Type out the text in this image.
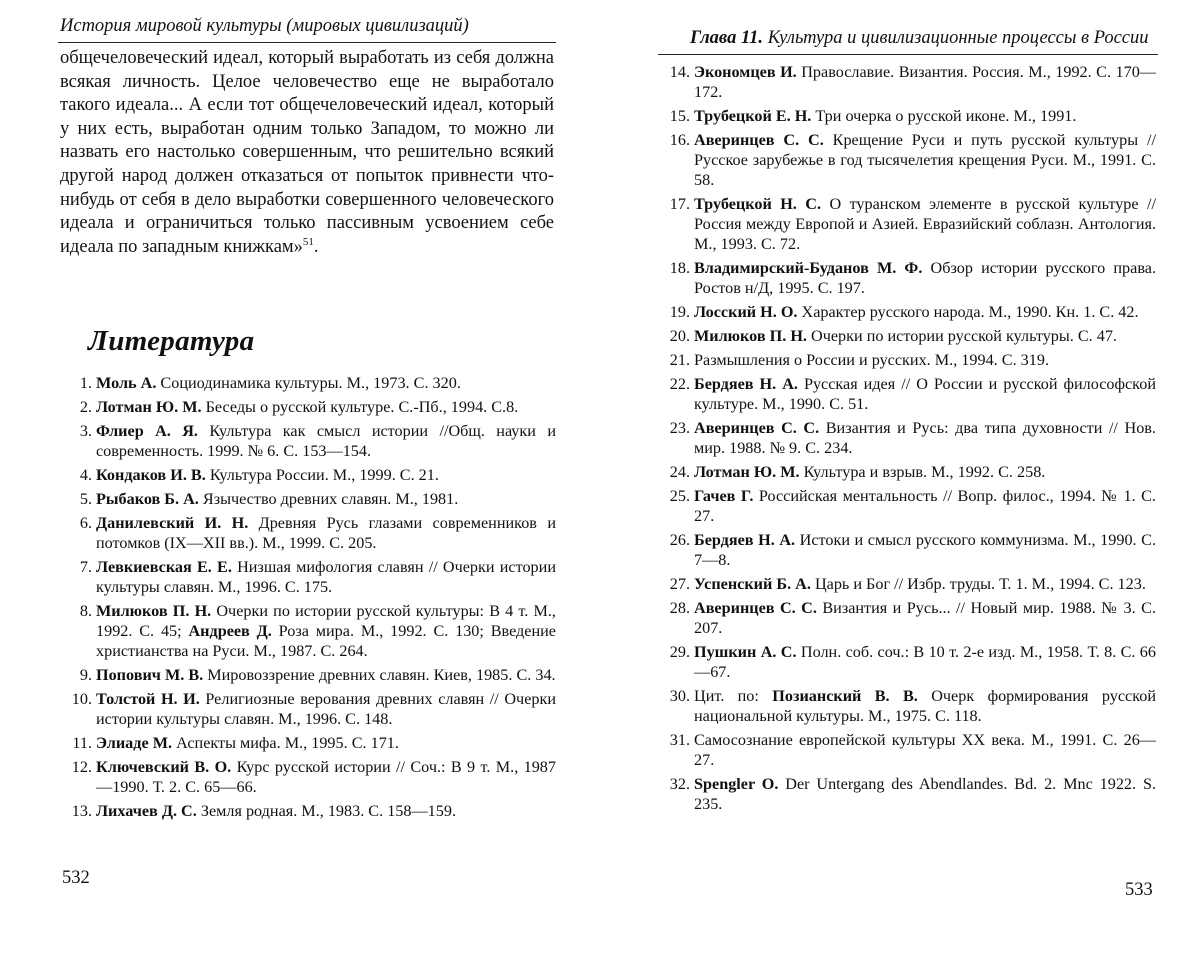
История мировой культуры (мировых цивилизаций)

общечеловеческий идеал, который выработать из себя должна всякая личность. Целое человечество еще не выработало такого идеала... А если тот общечеловеческий идеал, который у них есть, выработан одним только Западом, то можно ли назвать его настолько совершенным, что решительно всякий другой народ должен отказаться от попыток привнести что-нибудь от себя в дело выработки совершенного человеческого идеала и ограничиться только пассивным усвоением себе идеала по западным книжкам»$^{51}$.

Литература
1. Моль А. Социодинамика культуры. М., 1973. С. 320.
2. Лотман Ю. М. Беседы о русской культуре. С.-Пб., 1994. С.8.
3. Флиер А. Я. Культура как смысл истории //Общ. науки и современность. 1999. № 6. С. 153—154.
4. Кондаков И. В. Культура России. М., 1999. С. 21.
5. Рыбаков Б. А. Язычество древних славян. М., 1981.
6. Данилевский И. Н. Древняя Русь глазами современников и потомков (IX—XII вв.). М., 1999. С. 205.
7. Левкиевская Е. Е. Низшая мифология славян // Очерки истории культуры славян. М., 1996. С. 175.
8. Милюков П. Н. Очерки по истории русской культуры: В 4 т. М., 1992. С. 45; Андреев Д. Роза мира. М., 1992. С. 130; Введение христианства на Руси. М., 1987. С. 264.
9. Попович М. В. Мировоззрение древних славян. Киев, 1985. С. 34.
10. Толстой Н. И. Религиозные верования древних славян // Очерки истории культуры славян. М., 1996. С. 148.
11. Элиаде М. Аспекты мифа. М., 1995. С. 171.
12. Ключевский В. О. Курс русской истории // Соч.: В 9 т. М., 1987—1990. Т. 2. С. 65—66.
13. Лихачев Д. С. Земля родная. М., 1983. С. 158—159.
532
Глава 11. Культура и цивилизационные процессы в России
14. Экономцев И. Православие. Византия. Россия. М., 1992. С. 170—172.
15. Трубецкой Е. Н. Три очерка о русской иконе. М., 1991.
16. Аверинцев С. С. Крещение Руси и путь русской культуры // Русское зарубежье в год тысячелетия крещения Руси. М., 1991. С. 58.
17. Трубецкой Н. С. О туранском элементе в русской культуре //Россия между Европой и Азией. Евразийский соблазн. Антология. М., 1993. С. 72.
18. Владимирский-Буданов М. Ф. Обзор истории русского права. Ростов н/Д, 1995. С. 197.
19. Лосский Н. О. Характер русского народа. М., 1990. Кн. 1. С. 42.
20. Милюков П. Н. Очерки по истории русской культуры. С. 47.
21. Размышления о России и русских. М., 1994. С. 319.
22. Бердяев Н. А. Русская идея // О России и русской философской культуре. М., 1990. С. 51.
23. Аверинцев С. С. Византия и Русь: два типа духовности // Нов. мир. 1988. № 9. С. 234.
24. Лотман Ю. М. Культура и взрыв. М., 1992. С. 258.
25. Гачев Г. Российская ментальность // Вопр. филос., 1994. № 1. С. 27.
26. Бердяев Н. А. Истоки и смысл русского коммунизма. М., 1990. С. 7—8.
27. Успенский Б. А. Царь и Бог // Избр. труды. Т. 1. М., 1994. С. 123.
28. Аверинцев С. С. Византия и Русь... // Новый мир. 1988. № 3. С. 207.
29. Пушкин А. С. Полн. соб. соч.: В 10 т. 2-е изд. М., 1958. Т. 8. С. 66—67.
30. Цит. по: Позианский В. В. Очерк формирования русской национальной культуры. М., 1975. С. 118.
31. Самосознание европейской культуры XX века. М., 1991. С. 26—27.
32. Spengler O. Der Untergang des Abendlandes. Bd. 2. Mnc 1922. S. 235.
533
